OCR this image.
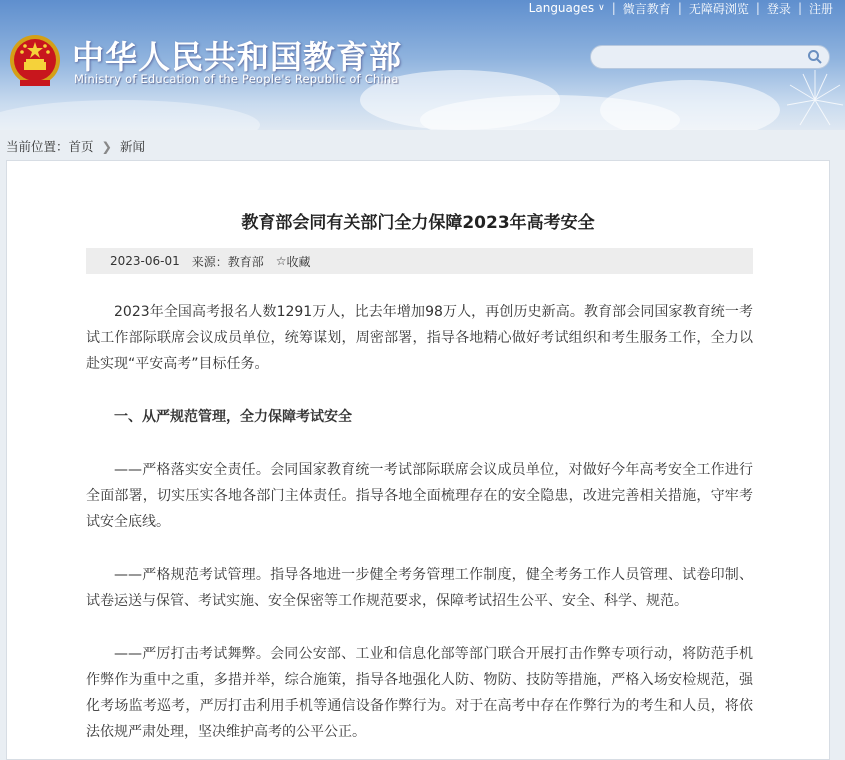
Languages ∨ | 微言教育 | 无障碍浏览 | 登录 | 注册
中华人民共和国教育部
Ministry of Education of the People's Republic of China
当前位置： 首页 ❯ 新闻
教育部会同有关部门全力保障2023年高考安全
2023-06-01 来源：教育部 ☆ 收藏
2023年全国高考报名人数1291万人，比去年增加98万人，再创历史新高。教育部会同国家教育统一考试工作部际联席会议成员单位，统筹谋划，周密部署，指导各地精心做好考试组织和考生服务工作，全力以赴实现“平安高考”目标任务。
一、从严规范管理，全力保障考试安全
——严格落实安全责任。会同国家教育统一考试部际联席会议成员单位，对做好今年高考安全工作进行全面部署，切实压实各地各部门主体责任。指导各地全面梳理存在的安全隐患，改进完善相关措施，守牢考试安全底线。
——严格规范考试管理。指导各地进一步健全考务管理工作制度，健全考务工作人员管理、试卷印制、试卷运送与保管、考试实施、安全保密等工作规范要求，保障考试招生公平、安全、科学、规范。
——严厉打击考试舞弊。会同公安部、工业和信息化部等部门联合开展打击作弊专项行动，将防范手机作弊作为重中之重，多措并举，综合施策，指导各地强化人防、物防、技防等措施，严格入场安检规范，强化考场监考巡考，严厉打击利用手机等通信设备作弊行为。对于在高考中存在作弊行为的考生和人员，将依法依规严肃处理，坚决维护高考的公平公正。
